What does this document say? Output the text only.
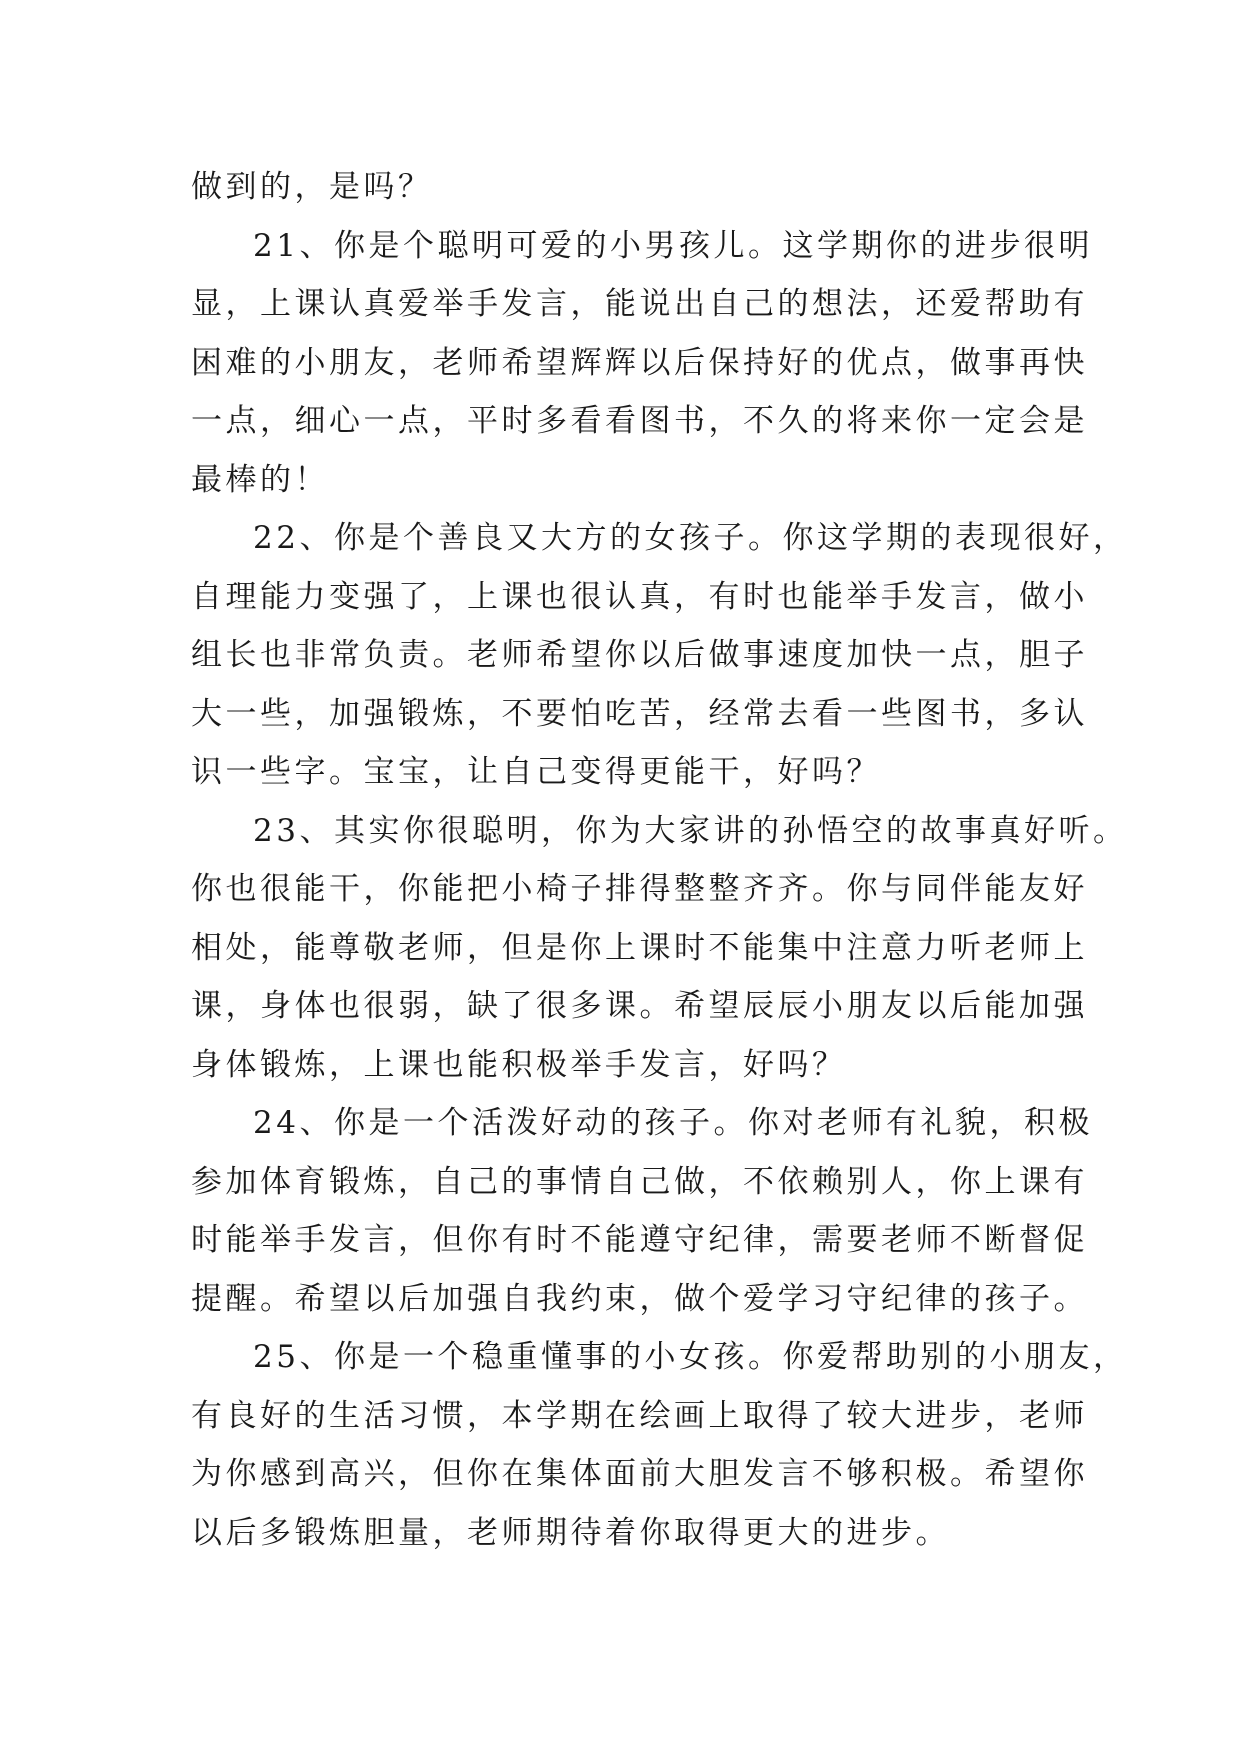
做到的，是吗？
21、你是个聪明可爱的小男孩儿。这学期你的进步很明
显，上课认真爱举手发言，能说出自己的想法，还爱帮助有
困难的小朋友，老师希望辉辉以后保持好的优点，做事再快
一点，细心一点，平时多看看图书，不久的将来你一定会是
最棒的！
22、你是个善良又大方的女孩子。你这学期的表现很好，
自理能力变强了，上课也很认真，有时也能举手发言，做小
组长也非常负责。老师希望你以后做事速度加快一点，胆子
大一些，加强锻炼，不要怕吃苦，经常去看一些图书，多认
识一些字。宝宝，让自己变得更能干，好吗？
23、其实你很聪明，你为大家讲的孙悟空的故事真好听。
你也很能干，你能把小椅子排得整整齐齐。你与同伴能友好
相处，能尊敬老师，但是你上课时不能集中注意力听老师上
课，身体也很弱，缺了很多课。希望辰辰小朋友以后能加强
身体锻炼，上课也能积极举手发言，好吗？
24、你是一个活泼好动的孩子。你对老师有礼貌，积极
参加体育锻炼，自己的事情自己做，不依赖别人，你上课有
时能举手发言，但你有时不能遵守纪律，需要老师不断督促
提醒。希望以后加强自我约束，做个爱学习守纪律的孩子。
25、你是一个稳重懂事的小女孩。你爱帮助别的小朋友，
有良好的生活习惯，本学期在绘画上取得了较大进步，老师
为你感到高兴，但你在集体面前大胆发言不够积极。希望你
以后多锻炼胆量，老师期待着你取得更大的进步。
